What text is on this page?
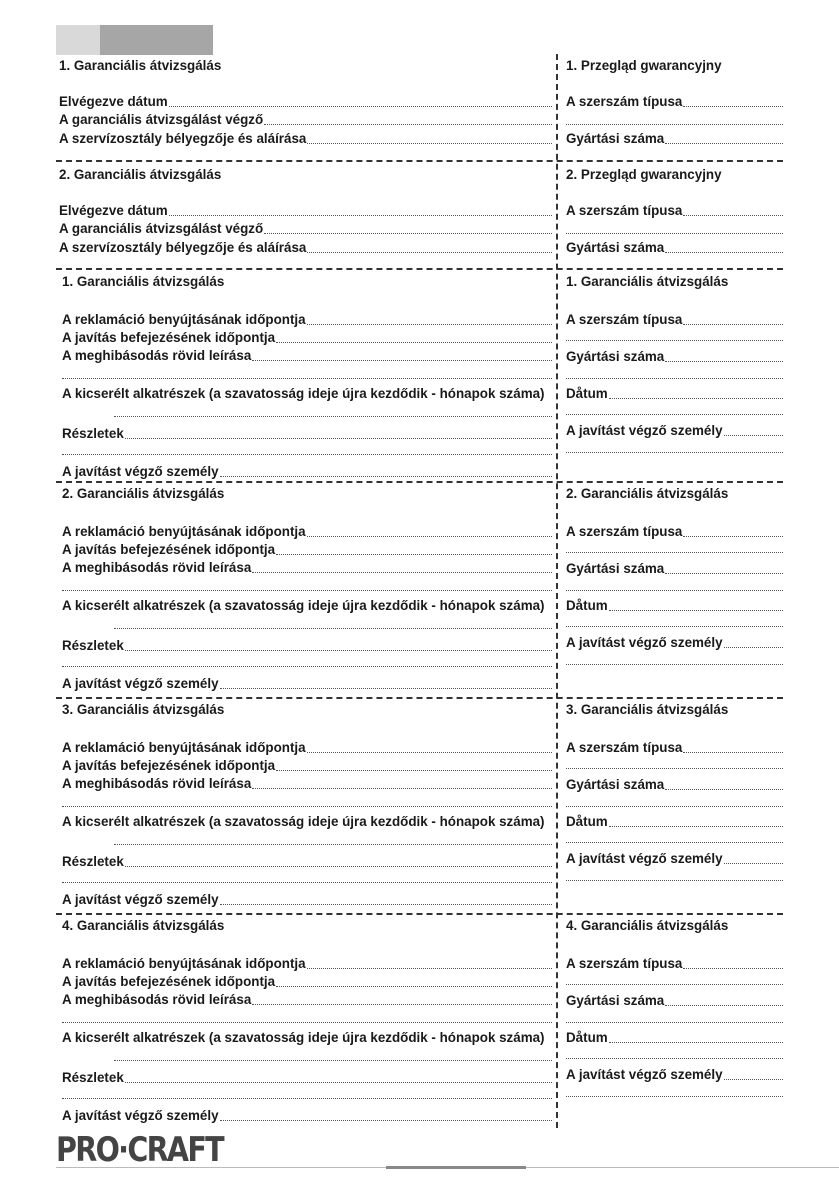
1. Garanciális átvizsgálás	1. Przegląd gwarancyjny
Elvégezve dátum
A garanciális átvizsgálást végző
A szervízosztály bélyegzője és aláírása
A szerszám típusa
Gyártási száma
2. Garanciális átvizsgálás	2. Przegląd gwarancyjny
Elvégezve dátum
A garanciális átvizsgálást végző
A szervízosztály bélyegzője és aláírása
A szerszám típusa
Gyártási száma
1. Garanciális átvizsgálás	1. Garanciális átvizsgálás
A reklamáció benyújtásának időpontja
A javítás befejezésének időpontja
A meghibásodás rövid leírása
A kicserélt alkatrészek (a szavatosság ideje újra kezdődik - hónapok száma)
Részletek
A javítást végző személy
A szerszám típusa
Gyártási száma
Dåtum
A javítást végző személy
2. Garanciális átvizsgálás	2. Garanciális átvizsgálás
A reklamáció benyújtásának időpontja
A javítás befejezésének időpontja
A meghibásodás rövid leírása
A kicserélt alkatrészek (a szavatosság ideje újra kezdődik - hónapok száma)
Részletek
A javítást végző személy
A szerszám típusa
Gyártási száma
Dåtum
A javítást végző személy
3. Garanciális átvizsgálás	3. Garanciális átvizsgálás
A reklamáció benyújtásának időpontja
A javítás befejezésének időpontja
A meghibásodás rövid leírása
A kicserélt alkatrészek (a szavatosság ideje újra kezdődik - hónapok száma)
Részletek
A javítást végző személy
A szerszám típusa
Gyártási száma
Dåtum
A javítást végző személy
4. Garanciális átvizsgálás	4. Garanciális átvizsgálás
A reklamáció benyújtásának időpontja
A javítás befejezésének időpontja
A meghibásodás rövid leírása
A kicserélt alkatrészek (a szavatosság ideje újra kezdődik - hónapok száma)
Részletek
A javítást végző személy
A szerszám típusa
Gyártási száma
Dåtum
A javítást végző személy
PRO·CRAFT
